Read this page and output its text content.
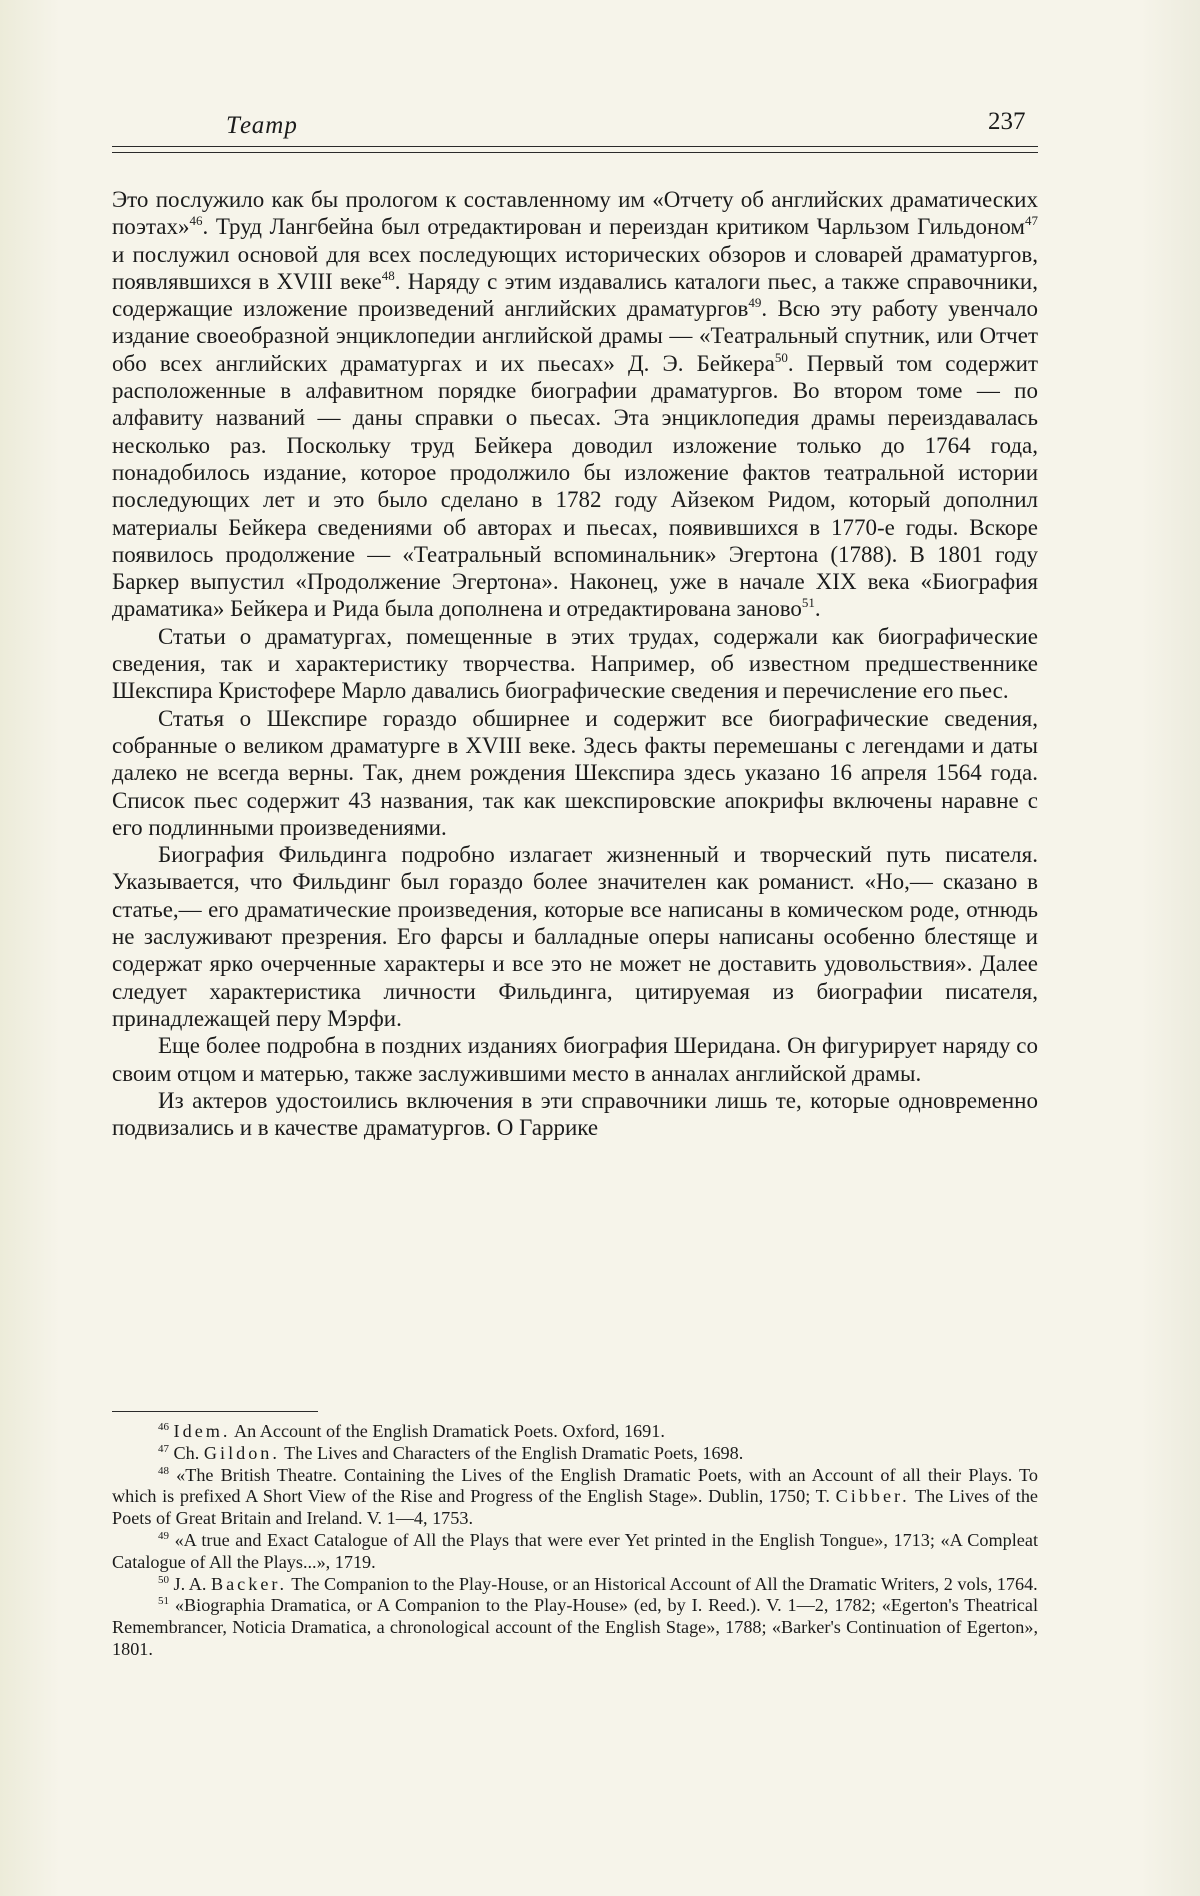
Театр	237

Это послужило как бы прологом к составленному им «Отчету об английских драматических поэтах»$^{46}$. Труд Лангбейна был отредактирован и переиздан критиком Чарльзом Гильдоном$^{47}$ и послужил основой для всех последующих исторических обзоров и словарей драматургов, появлявшихся в XVIII веке$^{48}$. Наряду с этим издавались каталоги пьес, а также справочники, содержащие изложение произведений английских драматургов$^{49}$. Всю эту работу увенчало издание своеобразной энциклопедии английской драмы — «Театральный спутник, или Отчет обо всех английских драматургах и их пьесах» Д. Э. Бейкера$^{50}$. Первый том содержит расположенные в алфавитном порядке биографии драматургов. Во втором томе — по алфавиту названий — даны справки о пьесах. Эта энциклопедия драмы переиздавалась несколько раз. Поскольку труд Бейкера доводил изложение только до 1764 года, понадобилось издание, которое продолжило бы изложение фактов театральной истории последующих лет и это было сделано в 1782 году Айзеком Ридом, который дополнил материалы Бейкера сведениями об авторах и пьесах, появившихся в 1770-е годы. Вскоре появилось продолжение — «Театральный вспоминальник» Эгертона (1788). В 1801 году Баркер выпустил «Продолжение Эгертона». Наконец, уже в начале XIX века «Биография драматика» Бейкера и Рида была дополнена и отредактирована заново$^{51}$.

Статьи о драматургах, помещенные в этих трудах, содержали как биографические сведения, так и характеристику творчества. Например, об известном предшественнике Шекспира Кристофере Марло давались биографические сведения и перечисление его пьес.

Статья о Шекспире гораздо обширнее и содержит все биографические сведения, собранные о великом драматурге в XVIII веке. Здесь факты перемешаны с легендами и даты далеко не всегда верны. Так, днем рождения Шекспира здесь указано 16 апреля 1564 года. Список пьес содержит 43 названия, так как шекспировские апокрифы включены наравне с его подлинными произведениями.

Биография Фильдинга подробно излагает жизненный и творческий путь писателя. Указывается, что Фильдинг был гораздо более значителен как романист. «Но,— сказано в статье,— его драматические произведения, которые все написаны в комическом роде, отнюдь не заслуживают презрения. Его фарсы и балладные оперы написаны особенно блестяще и содержат ярко очерченные характеры и все это не может не доставить удовольствия». Далее следует характеристика личности Фильдинга, цитируемая из биографии писателя, принадлежащей перу Мэрфи.

Еще более подробна в поздних изданиях биография Шеридана. Он фигурирует наряду со своим отцом и матерью, также заслужившими место в анналах английской драмы.

Из актеров удостоились включения в эти справочники лишь те, которые одновременно подвизались и в качестве драматургов. О Гаррике

$^{46}$ Idem. An Account of the English Dramatick Poets. Oxford, 1691.

$^{47}$ Ch. Gildon. The Lives and Characters of the English Dramatic Poets, 1698.

$^{48}$ «The British Theatre. Containing the Lives of the English Dramatic Poets, with an Account of all their Plays. To which is prefixed A Short View of the Rise and Progress of the English Stage». Dublin, 1750; T. Cibber. The Lives of the Poets of Great Britain and Ireland. V. 1—4, 1753.

$^{49}$ «A true and Exact Catalogue of All the Plays that were ever Yet printed in the English Tongue», 1713; «A Compleat Catalogue of All the Plays...», 1719.

$^{50}$ J. A. Backer. The Companion to the Play-House, or an Historical Account of All the Dramatic Writers, 2 vols, 1764.

$^{51}$ «Biographia Dramatica, or A Companion to the Play-House» (ed, by I. Reed.). V. 1—2, 1782; «Egerton's Theatrical Remembrancer, Noticia Dramatica, a chronological account of the English Stage», 1788; «Barker's Continuation of Egerton», 1801.
